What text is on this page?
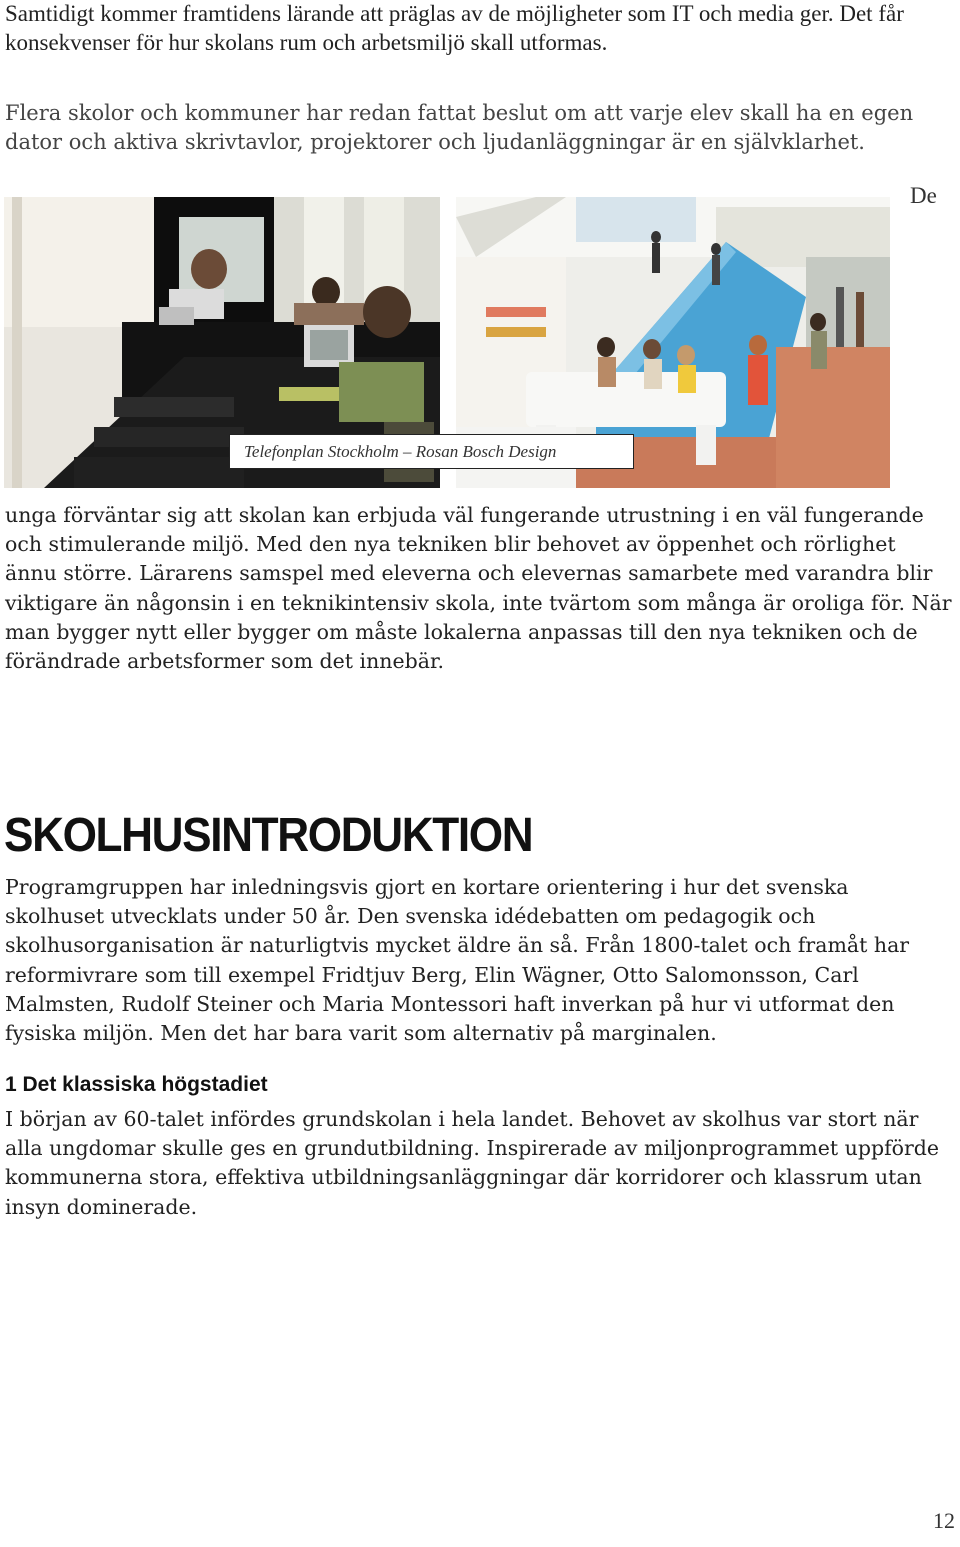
Samtidigt kommer framtidens lärande att präglas av de möjligheter som IT och media ger. Det får konsekvenser för hur skolans rum och arbetsmiljö skall utformas.

Flera skolor och kommuner har redan fattat beslut om att varje elev skall ha en egen dator och aktiva skrivtavlor, projektorer och ljudanläggningar är en självklarhet.

De
Telefonplan Stockholm – Rosan Bosch Design

unga förväntar sig att skolan kan erbjuda väl fungerande utrustning i en väl fungerande och stimulerande miljö. Med den nya tekniken blir behovet av öppenhet och rörlighet ännu större. Lärarens samspel med eleverna och elevernas samarbete med varandra blir viktigare än någonsin i en teknikintensiv skola, inte tvärtom som många är oroliga för. När man bygger nytt eller bygger om måste lokalerna anpassas till den nya tekniken och de förändrade arbetsformer som det innebär.

SKOLHUSINTRODUKTION

Programgruppen har inledningsvis gjort en kortare orientering i hur det svenska skolhuset utvecklats under 50 år. Den svenska idédebatten om pedagogik och skolhusorganisation är naturligtvis mycket äldre än så. Från 1800-talet och framåt har reformivrare som till exempel Fridtjuv Berg, Elin Wägner, Otto Salomonsson, Carl Malmsten, Rudolf Steiner och Maria Montessori haft inverkan på hur vi utformat den fysiska miljön. Men det har bara varit som alternativ på marginalen.

1 Det klassiska högstadiet

I början av 60-talet infördes grundskolan i hela landet. Behovet av skolhus var stort när alla ungdomar skulle ges en grundutbildning. Inspirerade av miljonprogrammet uppförde kommunerna stora, effektiva utbildningsanläggningar där korridorer och klassrum utan insyn dominerade.

12
